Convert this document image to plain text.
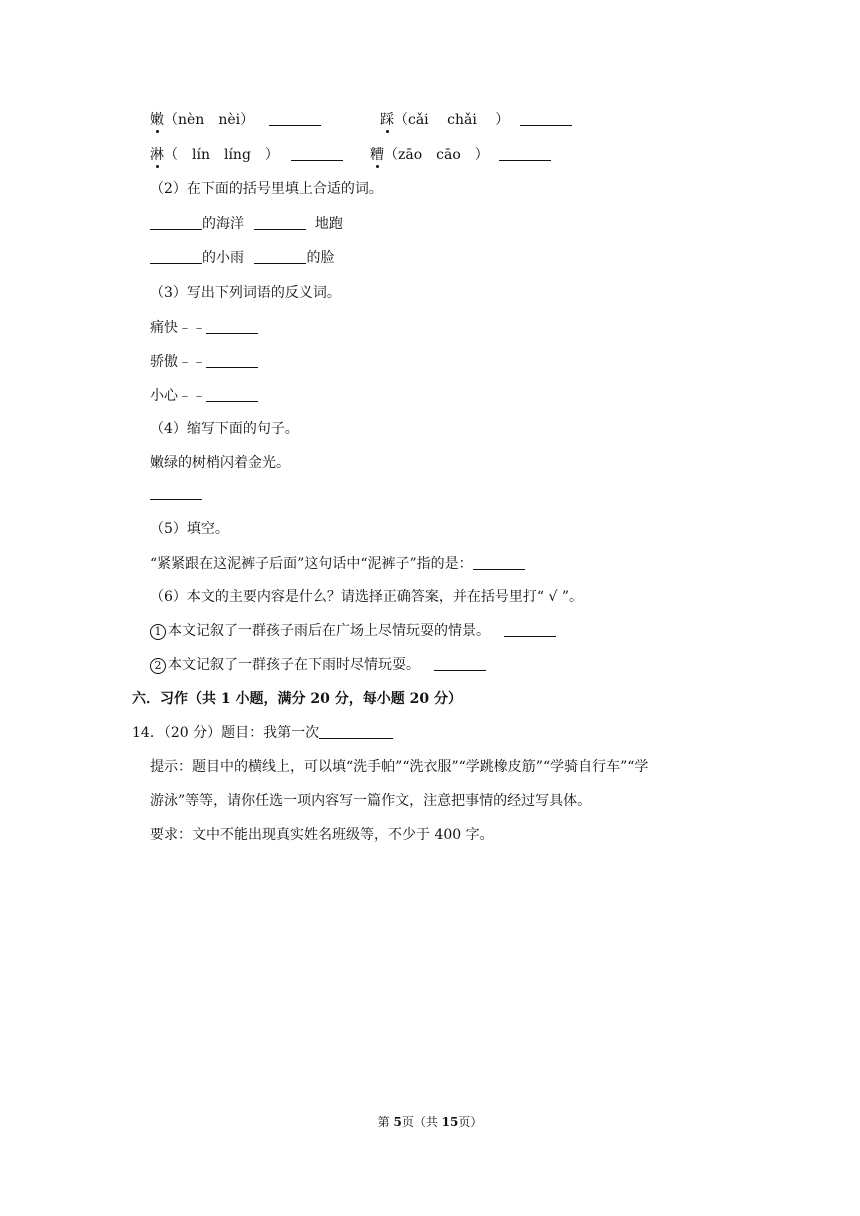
嫩（nèn　nèi）	踩（cǎi　 chǎi　 ）
淋（　lín　líng　）	糟（zāo　cāo　）
（2）在下面的括号里填上合适的词。
的海洋	地跑
的小雨	的脸
（3）写出下列词语的反义词。
痛快﹣﹣
骄傲﹣﹣
小心﹣﹣
（4）缩写下面的句子。
嫩绿的树梢闪着金光。
（5）填空。
“紧紧跟在这泥裤子后面”这句话中“泥裤子”指的是：
（6）本文的主要内容是什么？请选择正确答案，并在括号里打“ √ ”。
1 本文记叙了一群孩子雨后在广场上尽情玩耍的情景。
2 本文记叙了一群孩子在下雨时尽情玩耍。
六．习作（共 1 小题，满分 20 分，每小题 20 分）
14．（20 分）题目：我第一次
提示：题目中的横线上，可以填“洗手帕”“洗衣服”“学跳橡皮筋”“学骑自行车”“学
游泳”等等，请你任选一项内容写一篇作文，注意把事情的经过写具体。
要求：文中不能出现真实姓名班级等，不少于 400 字。
第 5页（共 15页）
